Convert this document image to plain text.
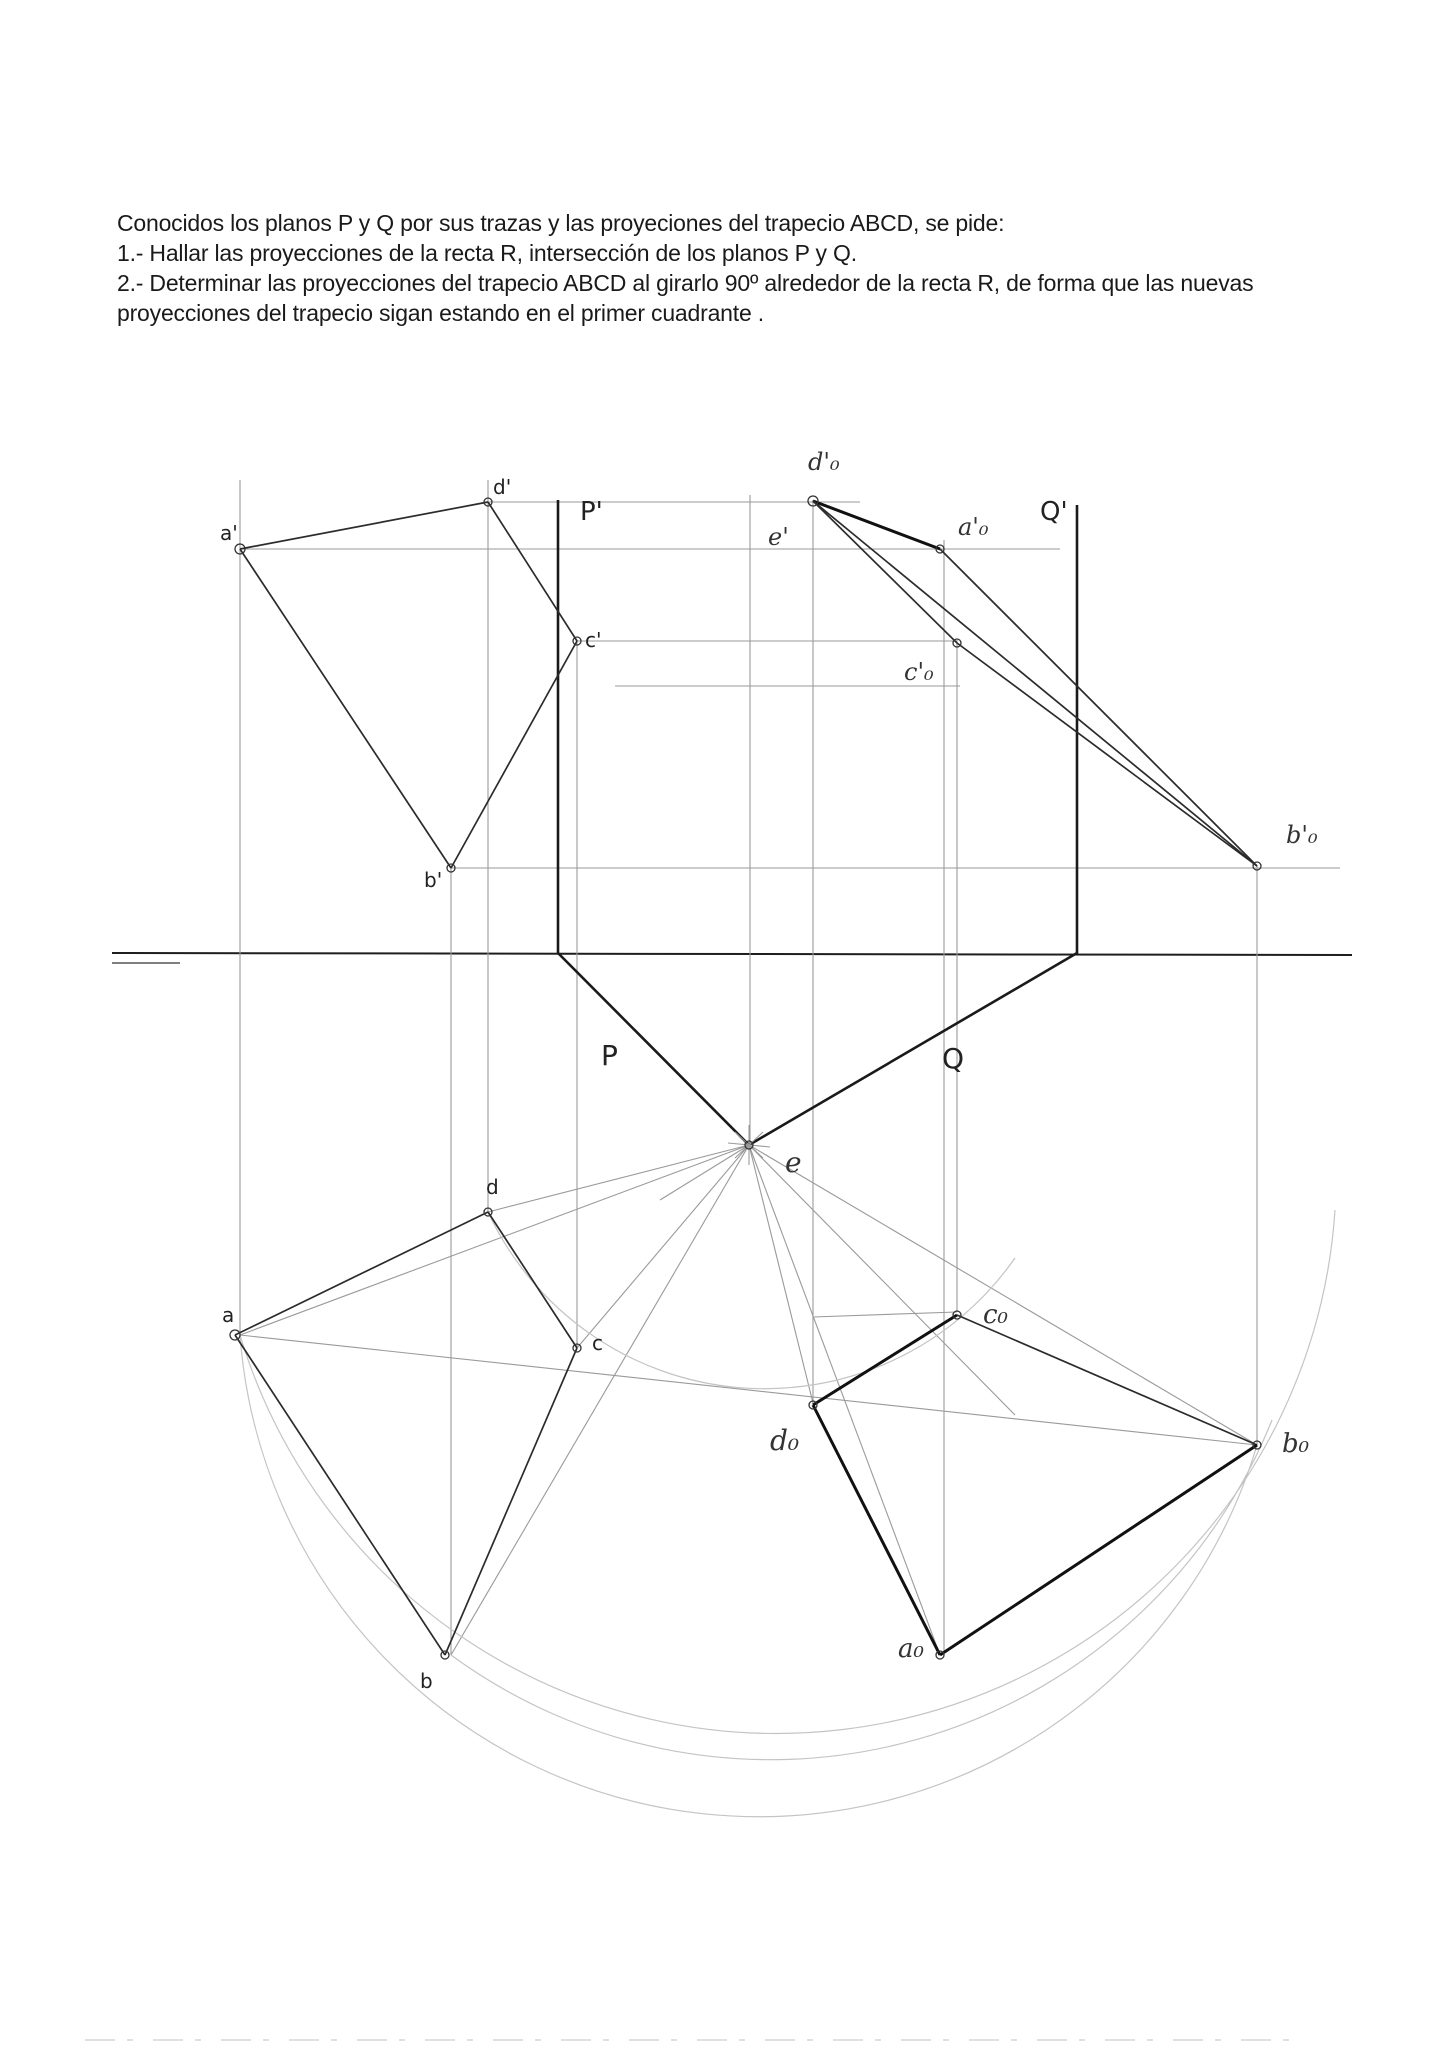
Conocidos los planos P y Q por sus trazas y las proyeciones del trapecio ABCD, se pide:

1.- Hallar las proyecciones de la recta R, intersección de los planos P y Q.

2.- Determinar las proyecciones del trapecio ABCD al girarlo 90º alrededor de la recta R, de forma que las nuevas

proyecciones del trapecio sigan estando en el primer cuadrante .

a'
d'
c'
b'
P'	Q'
e'
P	Q
a
d
c
b
e
d'₀
a'₀
c'₀
b'₀
d₀
c₀
b₀
a₀
